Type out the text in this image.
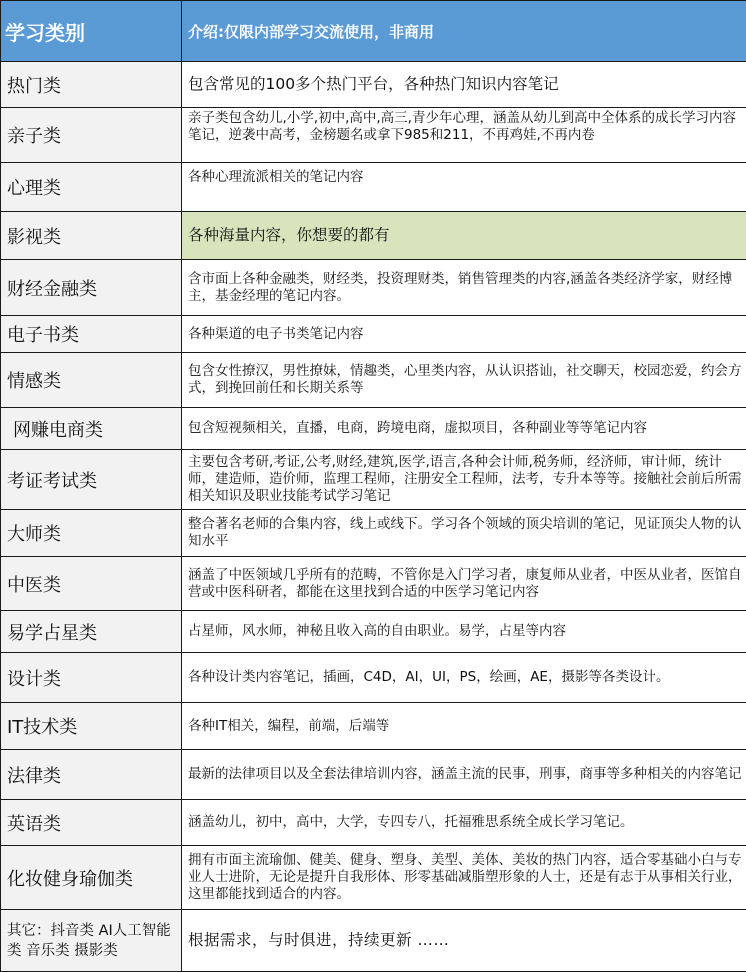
学习类别	介绍:仅限内部学习交流使用，非商用
热门类	包含常见的100多个热门平台，各种热门知识内容笔记
亲子类	亲子类包含幼儿,小学,初中,高中,高三,青少年心理，涵盖从幼儿到高中全体系的成长学习内容笔记，逆袭中高考，金榜题名或拿下985和211，不再鸡娃,不再内卷

心理类	各种心理流派相关的笔记内容
影视类	各种海量内容，你想要的都有
财经金融类	含市面上各种金融类，财经类，投资理财类，销售管理类的内容,涵盖各类经济学家，财经博主，基金经理的笔记内容。
电子书类	各种渠道的电子书类笔记内容
情感类	包含女性撩汉，男性撩妹，情趣类，心里类内容，从认识搭讪，社交聊天，校园恋爱，约会方式，到挽回前任和长期关系等
网赚电商类	包含短视频相关，直播，电商，跨境电商，虚拟项目，各种副业等等笔记内容
考证考试类	主要包含考研,考证,公考,财经,建筑,医学,语言,各种会计师,税务师，经济师，审计师，统计师，建造师，造价师，监理工程师，注册安全工程师，法考，专升本等等。接触社会前后所需相关知识及职业技能考试学习笔记
大师类	整合著名老师的合集内容，线上或线下。学习各个领域的顶尖培训的笔记，见证顶尖人物的认知水平
中医类	涵盖了中医领域几乎所有的范畴，不管你是入门学习者，康复师从业者，中医从业者，医馆自营或中医科研者，都能在这里找到合适的中医学习笔记内容
易学占星类	占星师，风水师，神秘且收入高的自由职业。易学，占星等内容
设计类	各种设计类内容笔记，插画，C4D，AI，UI，PS，绘画，AE，摄影等各类设计。
IT技术类	各种IT相关，编程，前端，后端等
法律类	最新的法律项目以及全套法律培训内容，涵盖主流的民事，刑事，商事等多种相关的内容笔记
英语类	涵盖幼儿，初中，高中，大学，专四专八，托福雅思系统全成长学习笔记。
化妆健身瑜伽类	拥有市面主流瑜伽、健美、健身、塑身、美型、美体、美妆的热门内容，适合零基础小白与专业人士进阶，无论是提升自我形体、形零基础减脂塑形象的人士，还是有志于从事相关行业，这里都能找到适合的内容。
其它：抖音类 AI人工智能类 音乐类 摄影类	根据需求，与时俱进，持续更新 ……
